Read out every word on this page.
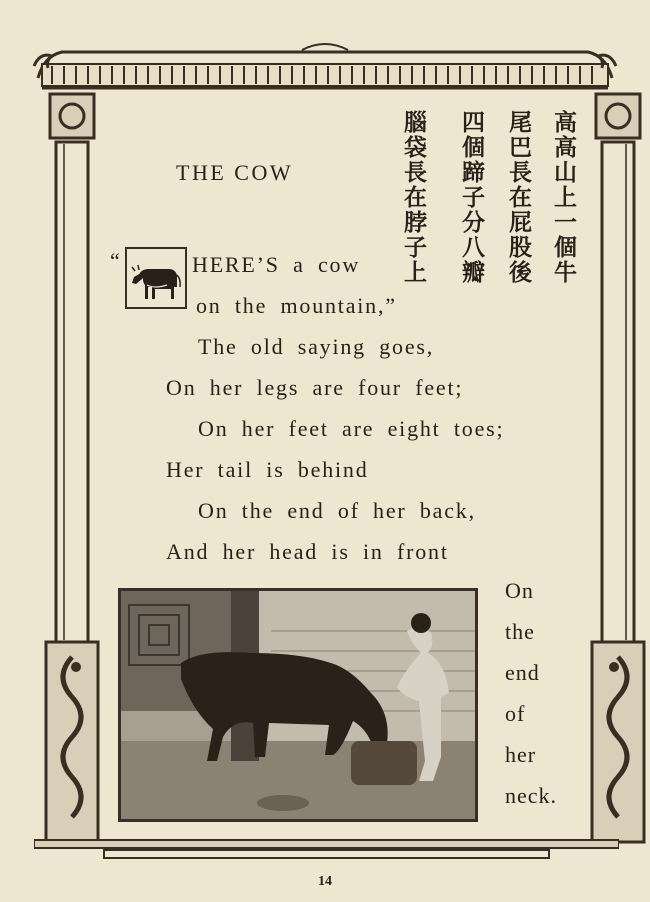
THE COW	高高山上一個牛
尾巴長在屁股後
四個蹄子分八瓣
腦袋長在脖子上
“	HERE’S a cow
on the mountain,”
The old saying goes,
On her legs are four feet;
On her feet are eight toes;
Her tail is behind
On the end of her back,
And her head is in front
On
the
end
of
her
neck.
14
